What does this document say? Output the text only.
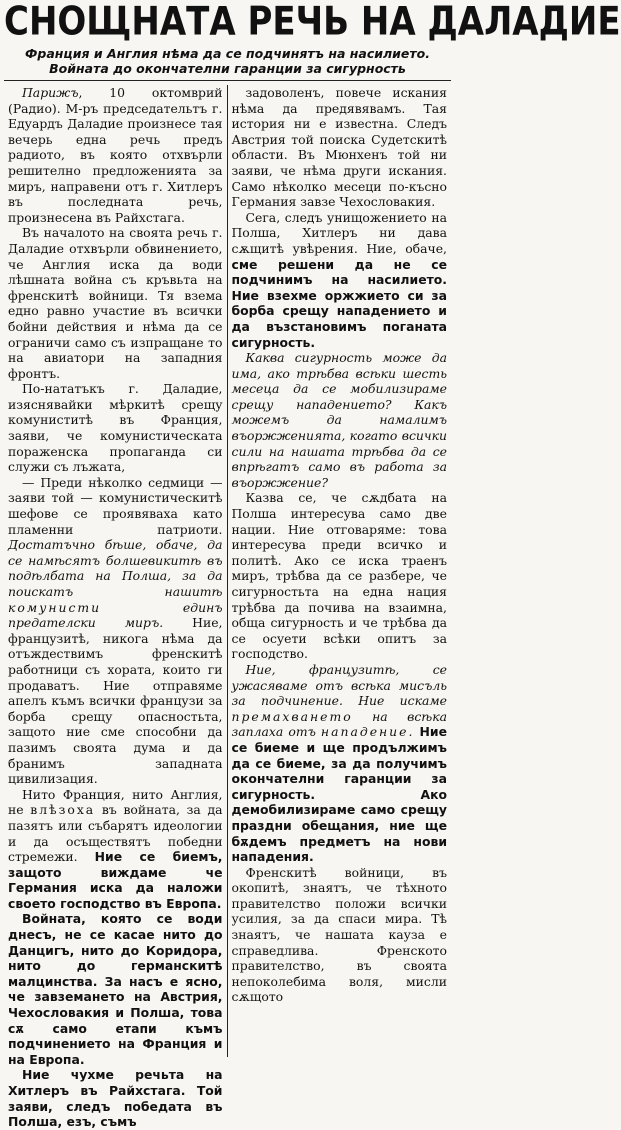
СНОЩНАТА РЕЧЬ НА ДАЛАДИЕ
Франция и Англия нѣма да се подчинятъ на насилието. Войната до окончателни гаранции за сигурность

Парижъ, 10 октомврий (Радио). М-ръ председательтъ г. Едуардъ Даладие произнесе тая вечерь една речь предъ радиото, въ която отхвърли решително предложенията за миръ, направени отъ г. Хитлеръ въ последната речь, произнесена въ Райхстага.

Въ началото на своята речь г. Даладие отхвърли обвинението, че Англия иска да води лѣшната война съ кръвьта на френскитѣ войници. Тя взема едно равно участие въ всички бойни действия и нѣма да се ограничи само съ изпращане то на авиатори на западния фронтъ.

По-нататъкъ г. Даладие, изяснявайки мѣркитѣ срещу комуниститѣ въ Франция, заяви, че комунистическата пораженска пропаганда си служи съ лъжата,

— Преди нѣколко седмици — заяви той — комунистическитѣ шефове се проявяваха като пламенни патриоти. Достатъчно бѣше, обаче, да се намѣсятъ болшевикитѣ въ подѣлбата на Полша, за да поискатъ нашитѣ комунисти единъ предателски миръ. Ние, французитѣ, никога нѣма да отъждествимъ френскитѣ работници съ хората, които ги продаватъ. Ние отправяме апелъ къмъ всички французи за борба срещу опасностьта, защото ние сме способни да пазимъ своята дума и да бранимъ западната цивилизация.

Нито Франция, нито Англия, не влѣзоха въ войната, за да пазятъ или събарятъ идеологии и да осъществятъ победни стремежи. Ние се биемъ, защото виждаме че Германия иска да наложи своето господство въ Европа.

Войната, която се води днесъ, не се касае нито до Данцигъ, нито до Коридора, нито до германскитѣ малцинства. За насъ е ясно, че завземането на Австрия, Чехословакия и Полша, това сѫ само етапи къмъ подчинението на Франция и на Европа.

Ние чухме речьта на Хитлеръ въ Райхстага. Той заяви, следъ победата въ Полша, езъ, съмъ

задоволенъ, повече искания нѣма да предявявамъ. Тая история ни е известна. Следъ Австрия той поиска Судетскитѣ области. Въ Мюнхенъ той ни заяви, че нѣма други искания. Само нѣколко месеци по-късно Германия завзе Чехословакия.

Сега, следъ унищожението на Полша, Хитлеръ ни дава сѫщитѣ увѣрения. Ние, обаче, сме решени да не се подчинимъ на насилието. Ние взехме оржжието си за борба срещу нападението и да възстановимъ поганата сигурность.

Каква сигурность може да има, ако трѣбва всѣки шесть месеца да се мобилизираме срещу нападението? Какъ можемъ да намалимъ въоржженията, когато всички сили на нашата трѣбва да се впрѣгатъ само въ работа за въоржжение?

Казва се, че сѫдбата на Полша интересува само две нации. Ние отговаряме: това интересува преди всичко и политѣ. Ако се иска траенъ миръ, трѣбва да се разбере, че сигурностьта на една нация трѣбва да почива на взаимна, обща сигурность и че трѣбва да се осуети всѣки опитъ за господство.

Ние, французитѣ, се ужасяваме отъ всѣка мисъль за подчинение. Ние искаме премахването на всѣка заплаха отъ нападение. Ние се биеме и ще продължимъ да се биеме, за да получимъ окончателни гаранции за сигурность. Ако демобилизираме само срещу праздни обещания, ние ще бѫдемъ предметъ на нови нападения.

Френскитѣ войници, въ окопитѣ, знаятъ, че тѣхното правителство положи всички усилия, за да спаси мира. Тѣ знаятъ, че нашата кауза е справедлива. Френското правителство, въ своята непоколебима воля, мисли сѫщото
